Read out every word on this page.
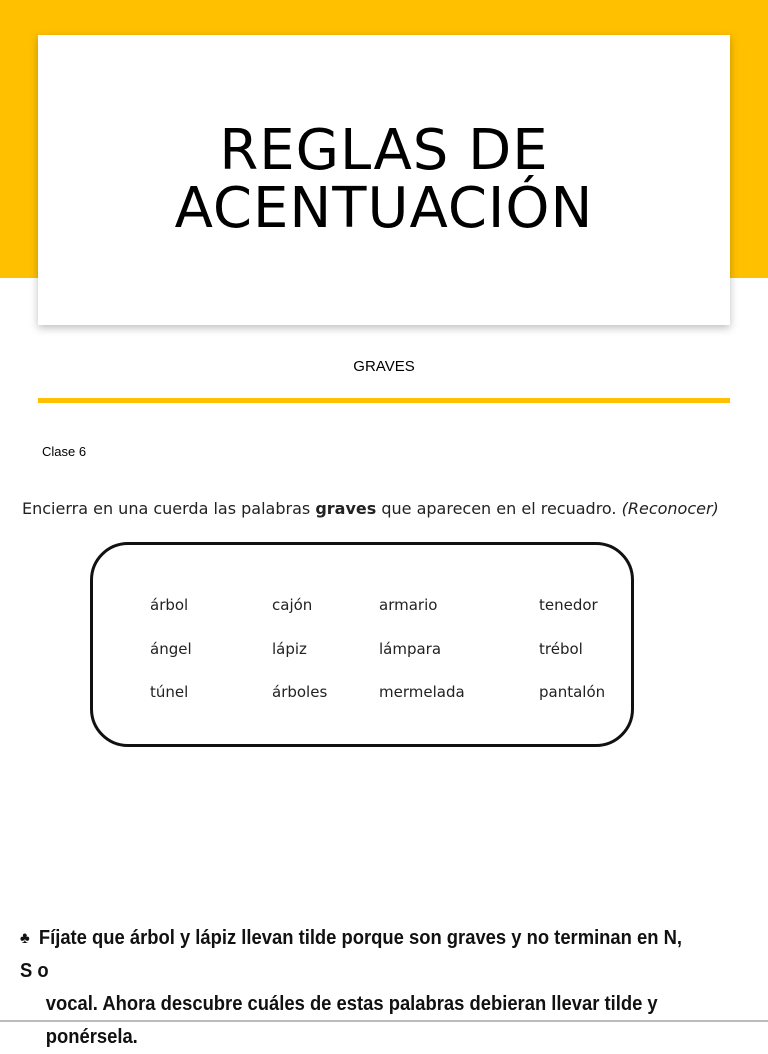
REGLAS DE
ACENTUACIÓN
GRAVES
Clase 6
Encierra en una cuerda las palabras graves que aparecen en el recuadro. (Reconocer)
árbol	cajón	armario	tenedor
ángel	lápiz	lámpara	trébol
túnel	árboles	mermelada	pantalón
♣ Fíjate que árbol y lápiz llevan tilde porque son graves y no terminan en N, S o
vocal. Ahora descubre cuáles de estas palabras debieran llevar tilde y
ponérsela.
